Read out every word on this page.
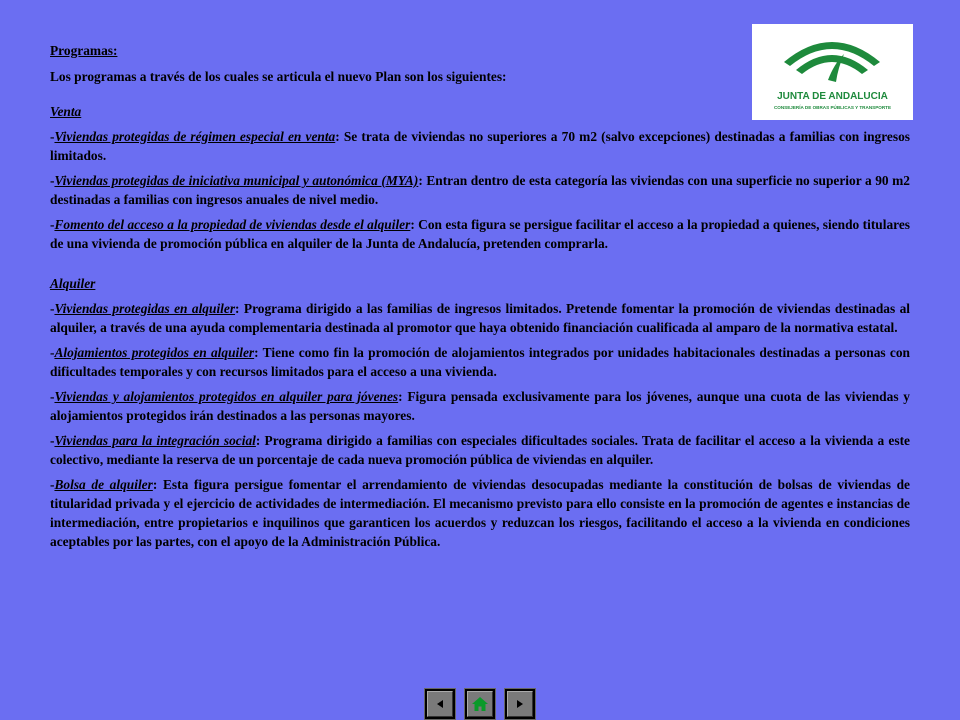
Programas:

Los programas a través de los cuales se articula el nuevo Plan son los siguientes:

Venta

-Viviendas protegidas de régimen especial en venta: Se trata de viviendas no superiores a 70 m2 (salvo excepciones) destinadas a familias con ingresos limitados.

-Viviendas protegidas de iniciativa municipal y autonómica (MYA): Entran dentro de esta categoría las viviendas con una superficie no superior a 90 m2 destinadas a familias con ingresos anuales de nivel medio.

-Fomento del acceso a la propiedad de viviendas desde el alquiler: Con esta figura se persigue facilitar el acceso a la propiedad a quienes, siendo titulares de una vivienda de promoción pública en alquiler de la Junta de Andalucía, pretenden comprarla.

Alquiler

-Viviendas protegidas en alquiler: Programa dirigido a las familias de ingresos limitados. Pretende fomentar la promoción de viviendas destinadas al alquiler, a través de una ayuda complementaria destinada al promotor que haya obtenido financiación cualificada al amparo de la normativa estatal.

-Alojamientos protegidos en alquiler: Tiene como fin la promoción de alojamientos integrados por unidades habitacionales destinadas a personas con dificultades temporales y con recursos limitados para el acceso a una vivienda.

-Viviendas y alojamientos protegidos en alquiler para jóvenes: Figura pensada exclusivamente para los jóvenes, aunque una cuota de las viviendas y alojamientos protegidos irán destinados a las personas mayores.

-Viviendas para la integración social: Programa dirigido a familias con especiales dificultades sociales. Trata de facilitar el acceso a la vivienda a este colectivo, mediante la reserva de un porcentaje de cada nueva promoción pública de viviendas en alquiler.

-Bolsa de alquiler: Esta figura persigue fomentar el arrendamiento de viviendas desocupadas mediante la constitución de bolsas de viviendas de titularidad privada y el ejercicio de actividades de intermediación. El mecanismo previsto para ello consiste en la promoción de agentes e instancias de intermediación, entre propietarios e inquilinos que garanticen los acuerdos y reduzcan los riesgos, facilitando el acceso a la vivienda en condiciones aceptables por las partes, con el apoyo de la Administración Pública.

JUNTA DE ANDALUCIA
CONSEJERÍA DE OBRAS PÚBLICAS Y TRANSPORTE
